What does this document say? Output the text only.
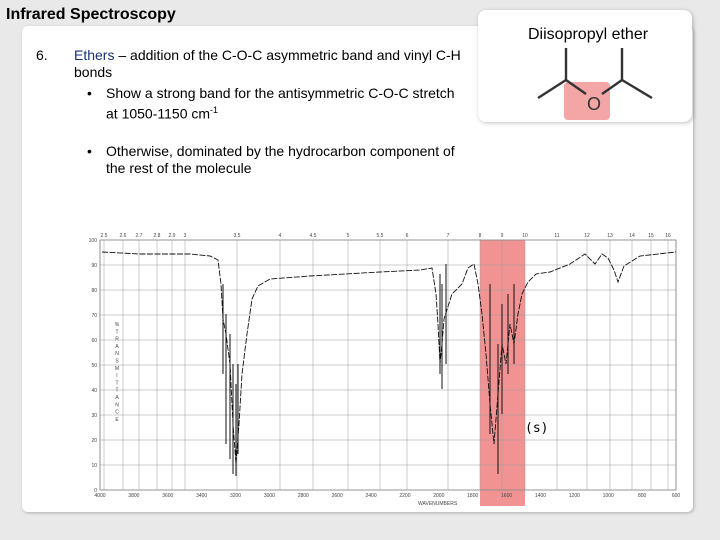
Infrared Spectroscopy
6. Ethers – addition of the C-O-C asymmetric band and vinyl C-H bonds
• Show a strong band for the antisymmetric C-O-C stretch at 1050-1150 $cm^{-1}$
• Otherwise, dominated by the hydrocarbon component of the rest of the molecule
Diisopropyl ether
O
100
90
80
70
60
50
40
30
20
10
0
4000	3800	3600	3400	3200	3000	2800	2600	2400	2200	2000	1800	1600	1400	1200	1000	800	600
2.5 2.6 2.7 2.8 2.9 3	3.5	4	4.5	5	5.5	6	7	8	9	10	11	12	13	14	15 16
%
T
R
A
N
S
M
I
T
T
A
N
C
E
(s)
WAVENUMBERS
